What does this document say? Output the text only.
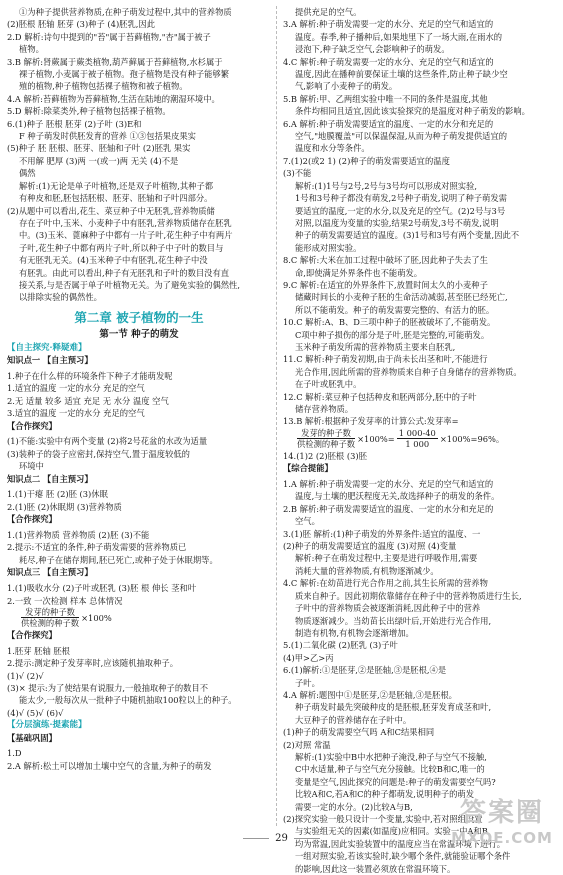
①为种子提供营养物质,在种子萌发过程中,其中的营养物质

(2)胚根 胚轴 胚芽 (3)种子 (4)胚乳,因此

2.D 解析:诗句中提到的"苔"属于苔藓植物,"杏"属于被子

植物。

3.B 解析:肾蕨属于蕨类植物,葫芦藓属于苔藓植物,水杉属于

裸子植物,小麦属于被子植物。孢子植物是没有种子能够繁

殖的植物,种子植物包括裸子植物和被子植物。

4.A 解析:苔藓植物为苔藓植物,生活在陆地的潮湿环境中。

5.D 解析:除菜类外,种子植物包括裸子植物。

6.(1)种子 胚根 胚芽 (2)子叶 (3)E和

F 种子萌发时供胚发育的营养 ①③包括果皮果实

(5)种子 胚 胚根、胚芽、胚轴和子叶 (2)胚乳 果实

不用解 肥厚 (3)两 一(或一)两 无关 (4)不是

偶然

解析:(1)无论是单子叶植物,还是双子叶植物,其种子都

有种皮和胚,胚包括胚根、胚芽、胚轴和子叶四部分。

(2)从题中可以看出,花生、菜豆种子中无胚乳,营养物质储

存在子叶中,玉米、小麦种子中有胚乳,营养物质储存在胚乳

中。(3)玉米、蓖麻种子中都有一片子叶,花生种子中有两片

子叶,花生种子中都有两片子叶,所以种子中子叶的数目与

有无胚乳无关。(4)玉米种子中有胚乳,花生种子中没

有胚乳。由此可以看出,种子有无胚乳和子叶的数目没有直

接关系,与是否属于单子叶植物无关。为了避免实验的偶然性,

以排除实验的偶然性。

第二章 被子植物的一生
第一节 种子的萌发

【自主探究·释疑难】

知识点一

【自主预习】

1.种子在什么样的环境条件下种子才能萌发呢

1.适宜的温度 一定的水分 充足的空气

2.无 适量 较多 适宜 充足 无 水分 温度 空气

3.适宜的温度 一定的水分 充足的空气

【合作探究】

(1)不能:实验中有两个变量 (2)将2号花盆的水改为适量

(3)装种子的袋子应密封,保持空气,置于温度较低的

环境中

知识点二

【自主预习】

1.(1)干瘪 胚 (2)胚 (3)休眠

2.(1)胚 (2)休眠期 (3)营养物质

【合作探究】

1.(1)营养物质 营养物质 (2)胚 (3)不能

2.提示:不适宜的条件,种子萌发需要的营养物质已

耗尽,种子在储存期间,胚已死亡,或种子处于休眠期等。

知识点三

【自主预习】

1.(1)吸收水分 (2)子叶或胚乳 (3)胚 根 伸长 茎和叶

2.一致 一次检测 样本 总体情况

$\frac{\text{发芽的种子数}}{\text{供检测的种子数}} \times 100\%$

【合作探究】

1.胚芽 胚轴 胚根

2.提示:测定种子发芽率时,应该随机抽取种子。

(1)√ (2)√

(3)× 提示:为了使结果有说服力,一般抽取种子的数目不

能太少,一般每次从一批种子中随机抽取100粒以上的种子。

(4)√ (5)√ (6)√

【分层演练·提素能】

【基础巩固】

1.D

2.A 解析:松土可以增加土壤中空气的含量,为种子的萌发

提供充足的空气。

3.A 解析:种子萌发需要一定的水分、充足的空气和适宜的

温度。春季,种子播种后,如果地里下了一场大雨,在雨水的

浸泡下,种子缺乏空气,会影响种子的萌发。

4.C 解析:种子萌发需要一定的水分、充足的空气和适宜的

温度,因此在播种前要保证土壤的这些条件,防止种子缺少空

气,影响了小麦种子的萌发。

5.B 解析:甲、乙两组实验中唯一不同的条件是温度,其他

条件均相同且适宜,因此该实验探究的是温度对种子萌发的影响。

6.A 解析:种子萌发需要适宜的温度、一定的水分和充足的

空气,"地膜覆盖"可以保温保湿,从而为种子萌发提供适宜的

温度和水分等条件。

7.(1)2(或2 1) (2)种子的萌发需要适宜的温度

(3)不能

解析:(1)1号与2号,2号与3号均可以形成对照实验,

1号和3号种子都没有萌发,2号种子萌发,说明了种子萌发需

要适宜的温度,一定的水分,以及充足的空气。(2)2号与3号

对照,以温度为变量的实验,结果2号萌发,3号不萌发,说明

种子的萌发需要适宜的温度。(3)1号和3号有两个变量,因此不

能形成对照实验。

8.C 解析:大米在加工过程中破坏了胚,因此种子失去了生

命,即使满足外界条件也不能萌发。

9.C 解析:在适宜的外界条件下,放置时间太久的小麦种子

储藏时间长的小麦种子胚的生命活动减弱,甚至胚已经死亡,

所以不能萌发。种子的萌发需要完整的、有活力的胚。

10.C 解析:A、B、D三项中种子的胚被破坏了,不能萌发。

C项中种子损伤的部分是子叶,胚是完整的,可能萌发。

玉米种子萌发所需的营养物质主要来自胚乳,

11.C 解析:种子萌发初期,由于尚未长出茎和叶,不能进行

光合作用,因此所需的营养物质来自种子自身储存的营养物质。

在子叶或胚乳中。

12.C 解析:菜豆种子包括种皮和胚两部分,胚中的子叶

储存营养物质。

13.B 解析:根据种子发芽率的计算公式:发芽率=

$\frac{\text{发芽的种子数}}{\text{供检测的种子数}} \times 100\%= \frac{1 000-40}{1 000} \times 100\%=96\%$。

14.(1)2 (2)胚根 (3)胚

【综合提能】

1.A 解析:种子萌发需要一定的水分、充足的空气和适宜的

温度,与土壤的肥沃程度无关,故选择种子的萌发的条件。

2.B 解析:种子萌发需要适宜的温度、一定的水分和充足的

空气。

3.(1)胚 解析:(1)种子萌发的外界条件:适宜的温度、一

(2)种子的萌发需要适宜的温度 (3)对照 (4)变量

解析:种子在萌发过程中,主要是进行呼吸作用,需要

消耗大量的营养物质,有机物逐渐减少。

4.C 解析:在幼苗进行光合作用之前,其生长所需的营养物

质来自种子。因此初期依靠储存在种子中的营养物质进行生长,

子叶中的营养物质会被逐渐消耗,因此种子中的营养

物质逐渐减少。当幼苗长出绿叶后,开始进行光合作用,

制造有机物,有机物会逐渐增加。

5.(1)二氧化碳 (2)胚乳 (3)子叶

(4)甲>乙>丙

6.(1)解析:①是胚芽,②是胚轴,③是胚根,④是

子叶。

4.A 解析:题图中①是胚芽,②是胚轴,③是胚根。

种子萌发时最先突破种皮的是胚根,胚芽发育成茎和叶,

大豆种子的营养储存在子叶中。

(1)种子的萌发需要空气吗 A和C结果相同

(2)对照 常温

解析:(1)实验中B中水把种子淹没,种子与空气不接触,

C中水适量,种子与空气充分接触。比较B和C,唯一的

变量是空气,因此探究的问题是:种子的萌发需要空气吗?

比较A和C,若A和C的种子都萌发,说明种子的萌发

需要一定的水分。(2)比较A与B,

(2)探究实验一般只设计一个变量,实验中,若对照组设置

与实验组无关的因素(如温度)应相同。实验一中A和B

均为常温,因此实验装置中的温度应当在常温环境下进行。

一组对照实验,若该实验时,缺少哪个条件,就能验证哪个条件

的影响,因此这一装置必须放在常温环境下。

29
答案圈
MXQE.COM
